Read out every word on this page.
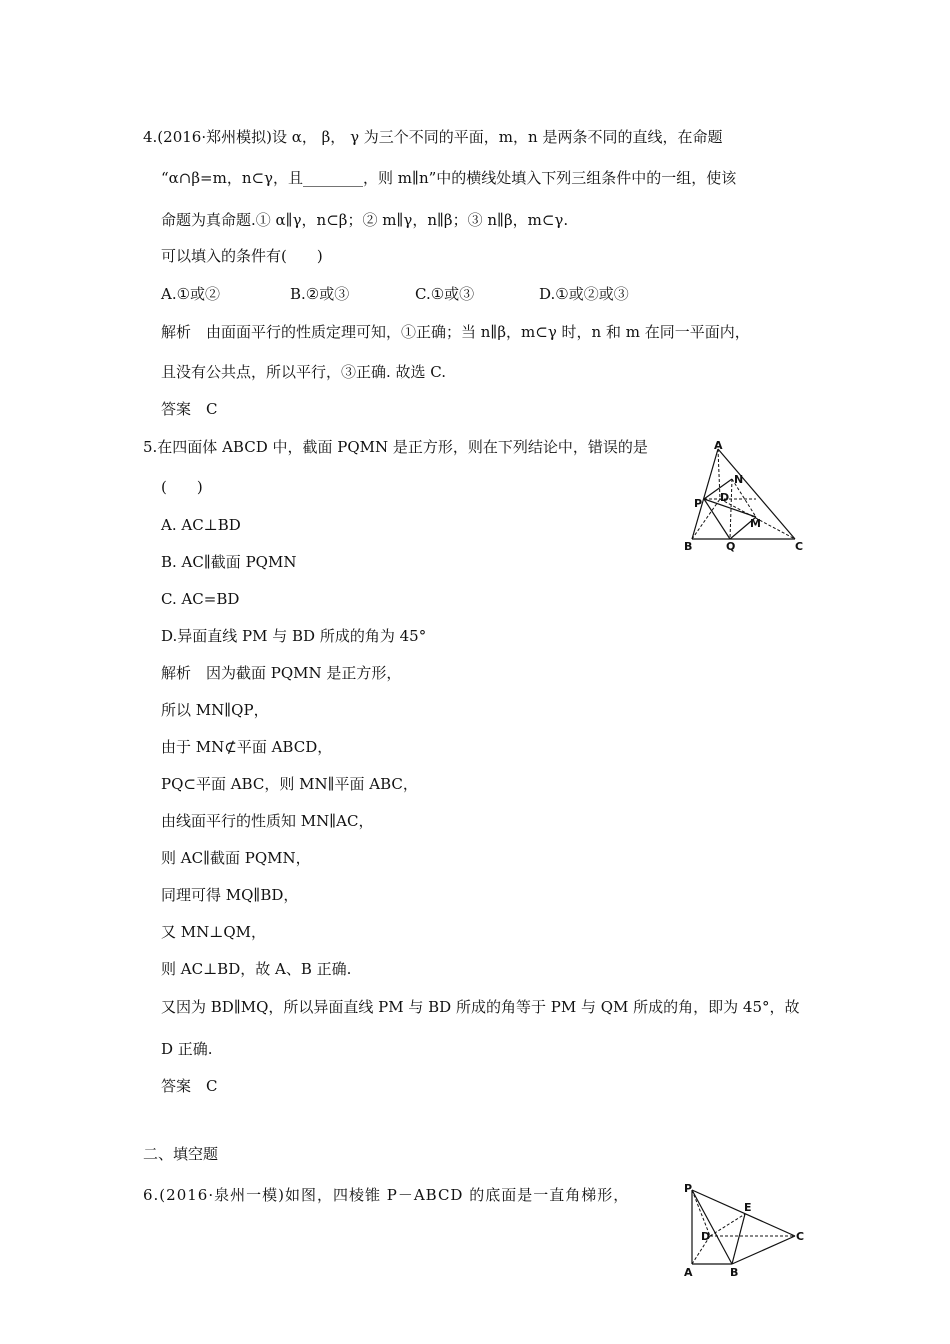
4.(2016·郑州模拟)设 α， β， γ 为三个不同的平面，m，n 是两条不同的直线，在命题
“α∩β=m，n⊂γ，且________，则 m∥n”中的横线处填入下列三组条件中的一组，使该
命题为真命题.① α∥γ，n⊂β；② m∥γ，n∥β；③ n∥β，m⊂γ.
可以填入的条件有(　　)
A.①或②	B.②或③	C.①或③	D.①或②或③
解析　由面面平行的性质定理可知，①正确；当 n∥β，m⊂γ 时，n 和 m 在同一平面内，
且没有公共点，所以平行，③正确. 故选 C.
答案　C
5.在四面体 ABCD 中，截面 PQMN 是正方形，则在下列结论中，错误的是
(　　)
A. AC⊥BD
B. AC∥截面 PQMN
C. AC=BD
D.异面直线 PM 与 BD 所成的角为 45°
解析　因为截面 PQMN 是正方形，
所以 MN∥QP，
由于 MN⊄平面 ABCD，
PQ⊂平面 ABC，则 MN∥平面 ABC，
由线面平行的性质知 MN∥AC，
则 AC∥截面 PQMN，
同理可得 MQ∥BD，
又 MN⊥QM，
则 AC⊥BD，故 A、B 正确.
又因为 BD∥MQ，所以异面直线 PM 与 BD 所成的角等于 PM 与 QM 所成的角，即为 45°，故
D 正确.
答案　C
A
B	C
D
P
Q
M
N
二、填空题
6.(2016·泉州一模)如图，四棱锥 P－ABCD 的底面是一直角梯形，	P
A	B
C
D
E
